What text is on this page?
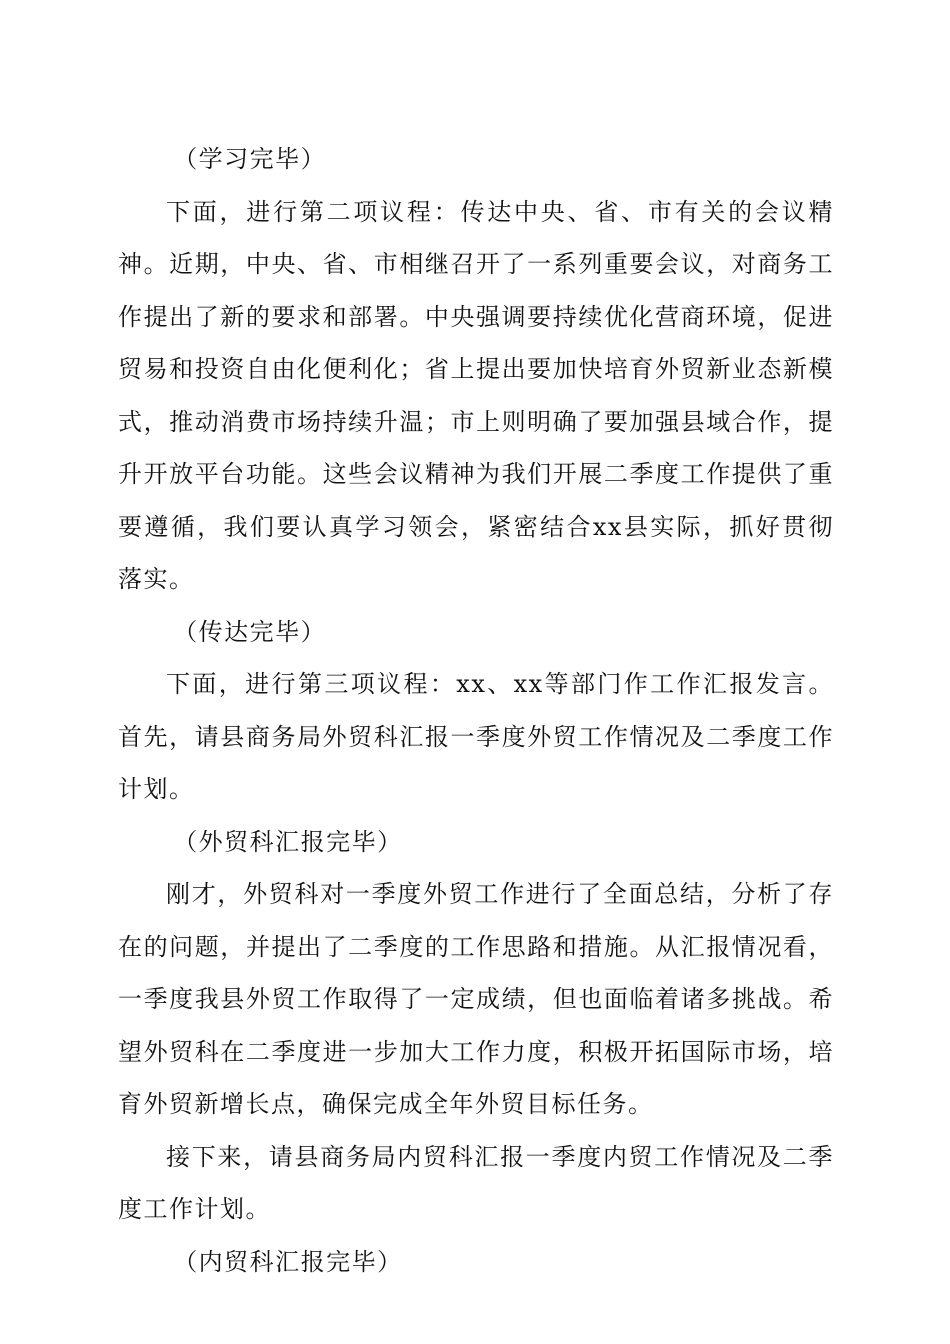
（学习完毕）

下面，进行第二项议程：传达中央、省、市有关的会议精神。近期，中央、省、市相继召开了一系列重要会议，对商务工作提出了新的要求和部署。中央强调要持续优化营商环境，促进贸易和投资自由化便利化；省上提出要加快培育外贸新业态新模式，推动消费市场持续升温；市上则明确了要加强县域合作，提升开放平台功能。这些会议精神为我们开展二季度工作提供了重要遵循，我们要认真学习领会，紧密结合xx县实际，抓好贯彻落实。

（传达完毕）

下面，进行第三项议程：xx、xx等部门作工作汇报发言。首先，请县商务局外贸科汇报一季度外贸工作情况及二季度工作计划。

（外贸科汇报完毕）

刚才，外贸科对一季度外贸工作进行了全面总结，分析了存在的问题，并提出了二季度的工作思路和措施。从汇报情况看，一季度我县外贸工作取得了一定成绩，但也面临着诸多挑战。希望外贸科在二季度进一步加大工作力度，积极开拓国际市场，培育外贸新增长点，确保完成全年外贸目标任务。

接下来，请县商务局内贸科汇报一季度内贸工作情况及二季度工作计划。

（内贸科汇报完毕）
